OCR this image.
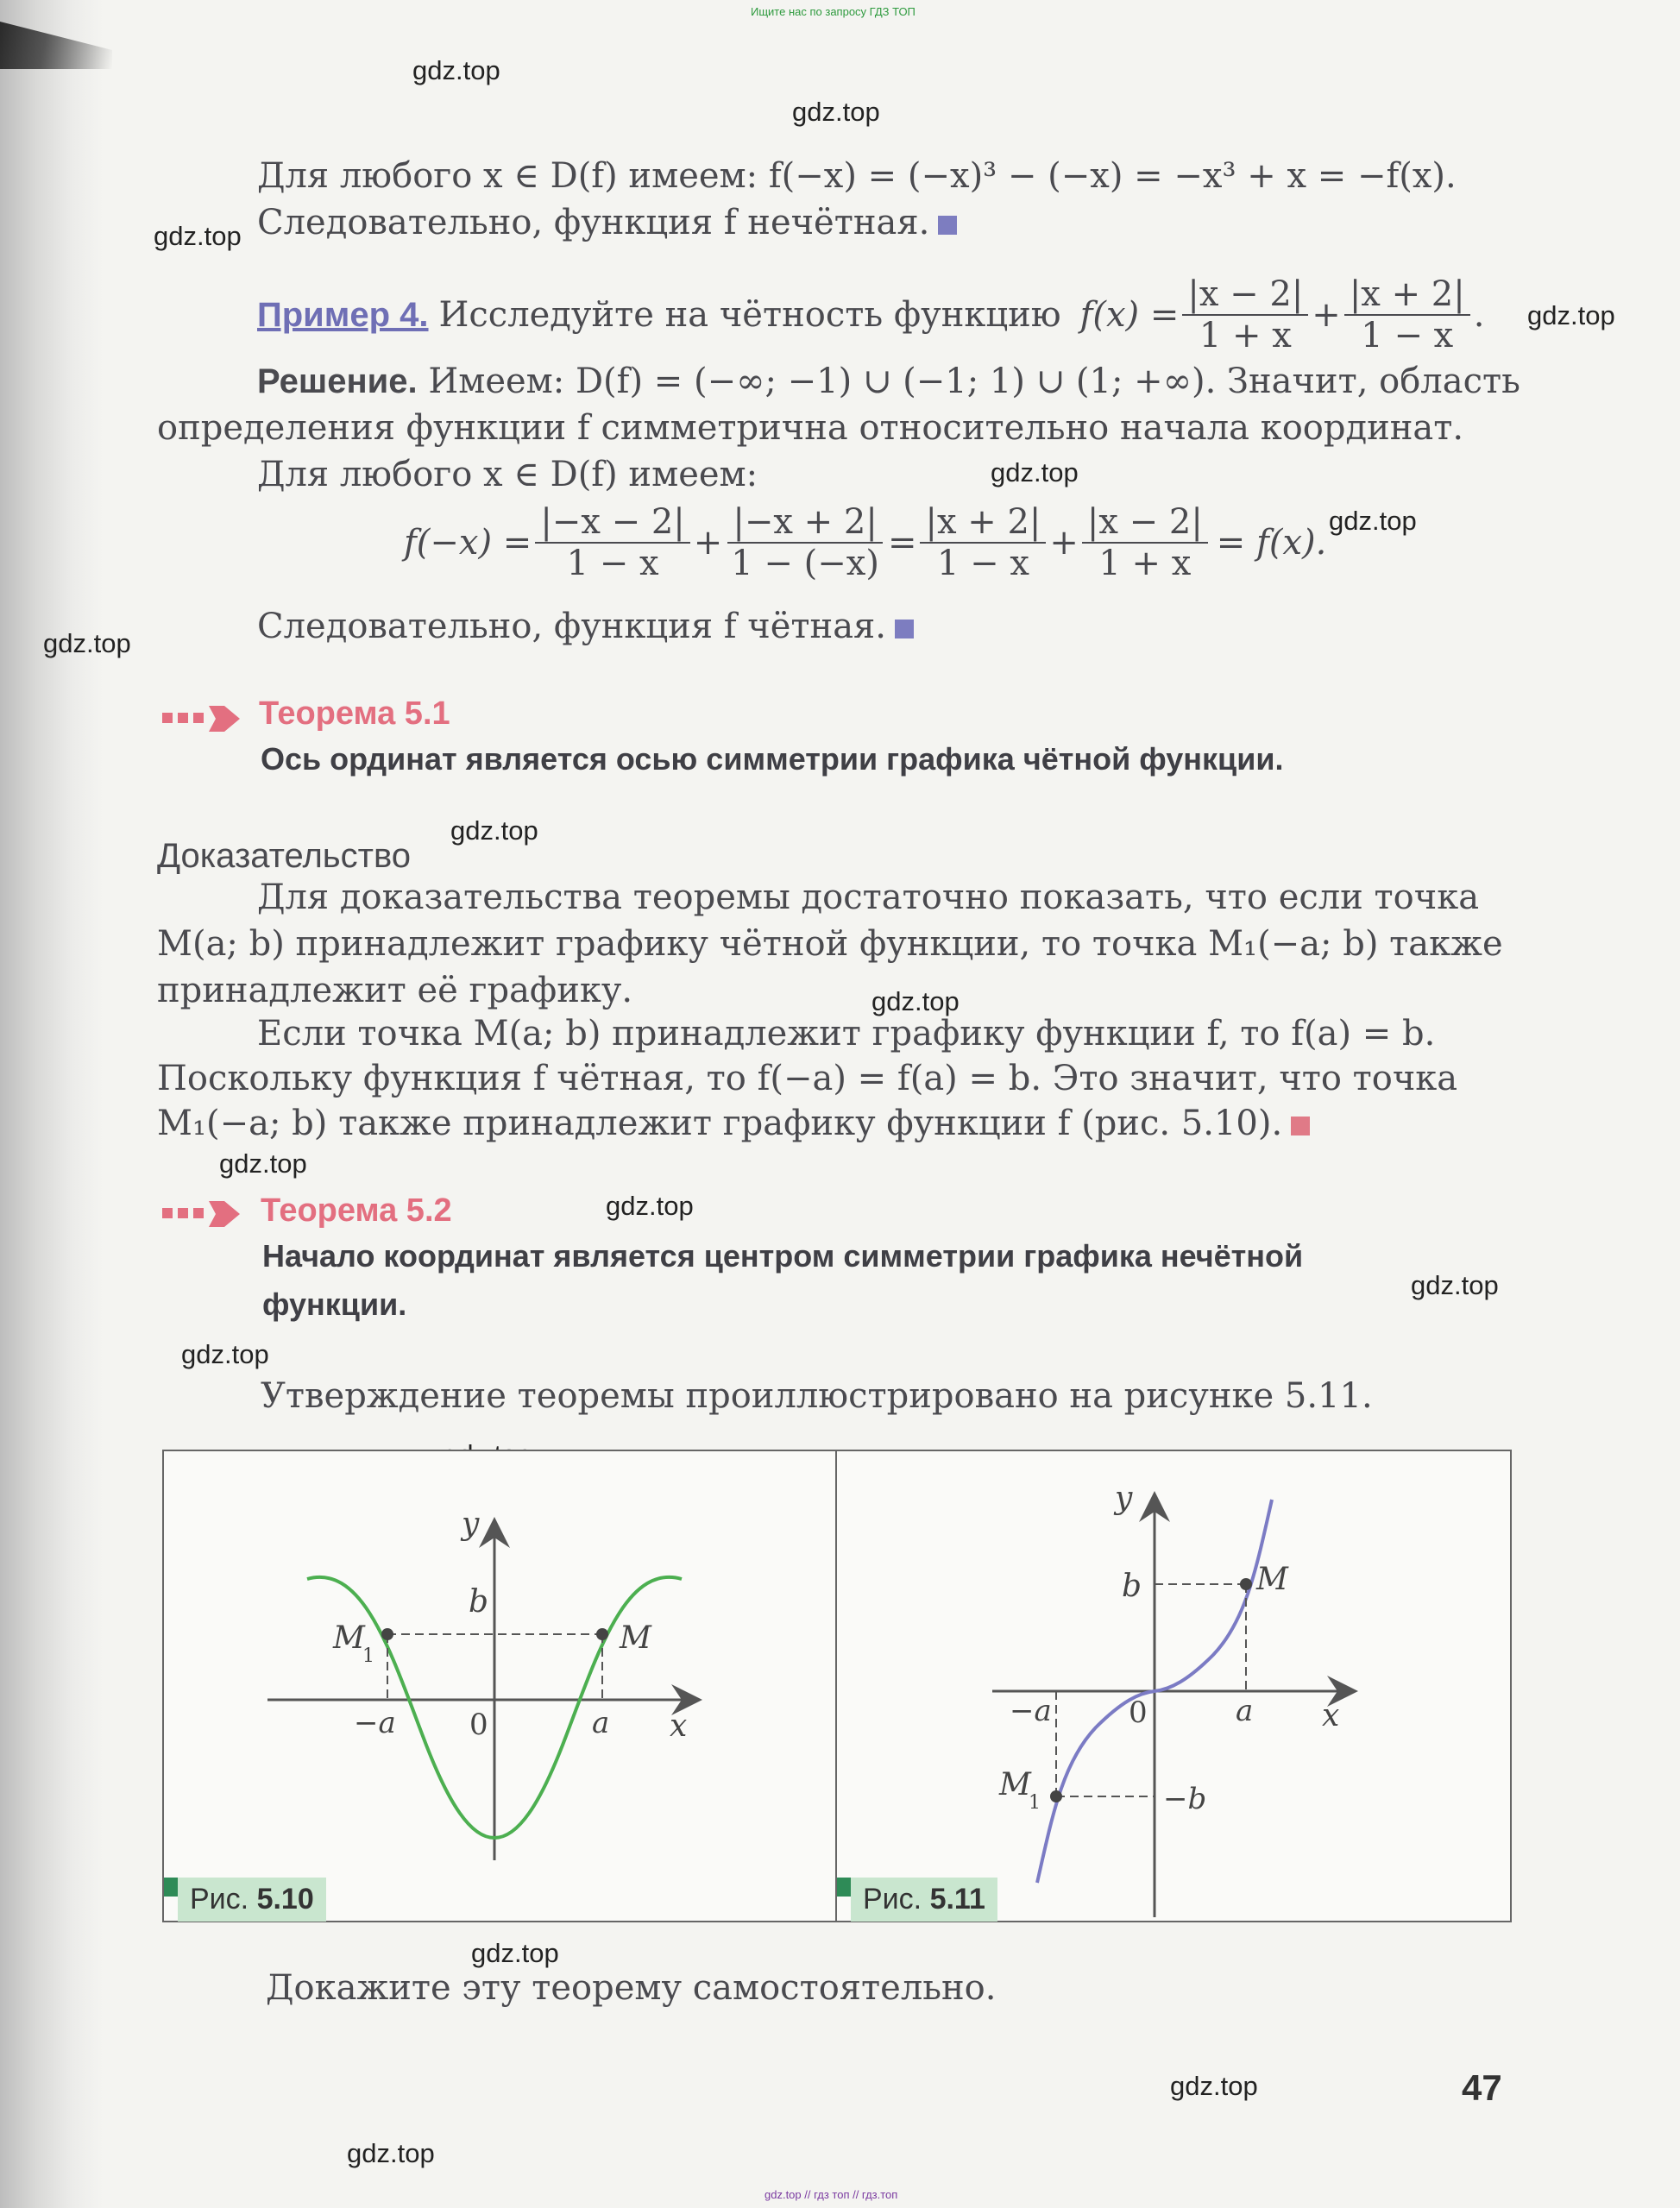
Ищите нас по запросу ГДЗ ТОП
gdz.top
gdz.top
gdz.top
gdz.top
gdz.top
gdz.top
gdz.top
gdz.top
gdz.top
gdz.top
gdz.top
gdz.top
gdz.top
gdz.top
gdz.top
gdz.top
Для любого x ∈ D(f) имеем: f(−x) = (−x)³ − (−x) = −x³ + x = −f(x).
Следовательно, функция f нечётная.
Пример 4. Исследуйте на чётность функцию $f(x) = \frac{|x - 2|}{1 + x} + \frac{|x + 2|}{1 - x}$ .
Решение. Имеем: D(f) = (−∞; −1) ∪ (−1; 1) ∪ (1; +∞). Значит, область
определения функции f симметрична относительно начала координат.
Для любого x ∈ D(f) имеем:
$f(-x) = \frac{|-x - 2|}{1 - x} + \frac{|-x + 2|}{1 - (-x)} = \frac{|x + 2|}{1 - x} + \frac{|x - 2|}{1 + x} = f(x)$.
Следовательно, функция f чётная.
Теорема 5.1
Ось ординат является осью симметрии графика чётной функции.
Доказательство
Для доказательства теоремы достаточно показать, что если точка
M(a; b) принадлежит графику чётной функции, то точка M₁(−a; b) также
принадлежит её графику.
Если точка M(a; b) принадлежит графику функции f, то f(a) = b.
Поскольку функция f чётная, то f(−a) = f(a) = b. Это значит, что точка
M₁(−a; b) также принадлежит графику функции f (рис. 5.10).
Теорема 5.2
Начало координат является центром симметрии графика нечётной
функции.
Утверждение теоремы проиллюстрировано на рисунке 5.11.
y
x
b
0	a
−a
M
M
1
Рис. 5.10
y
x
b
−b
0	a
−a
M
M
1
Рис. 5.11
Докажите эту теорему самостоятельно.
47
gdz.top // гдз топ // гдз.топ
